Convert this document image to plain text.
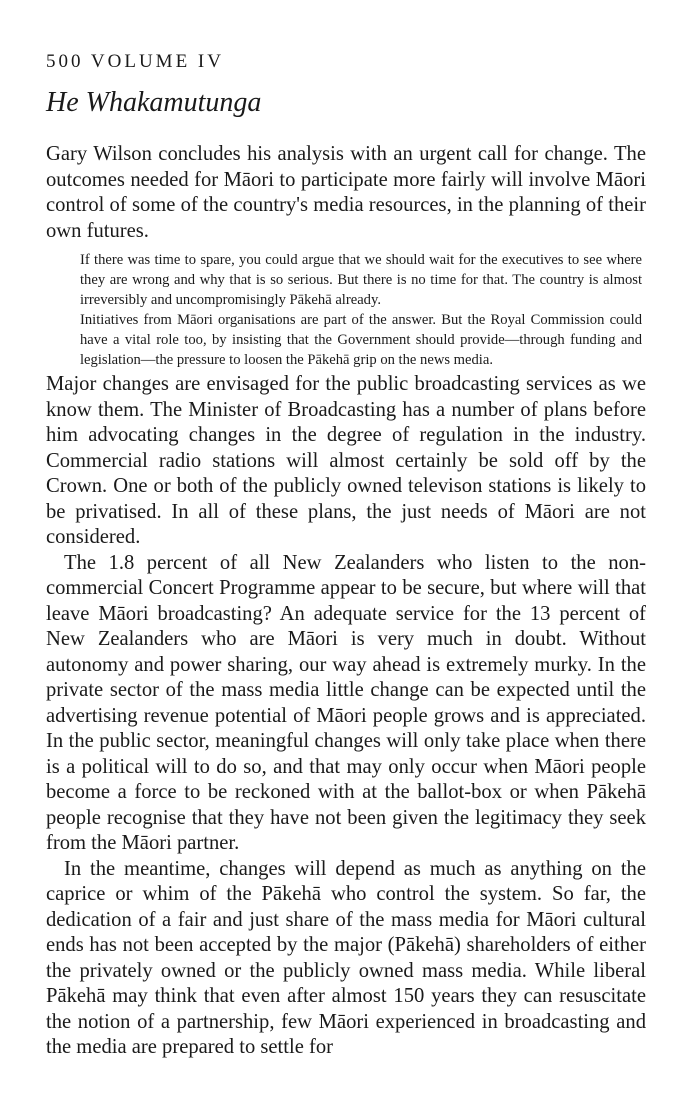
500 VOLUME IV
He Whakamutunga

Gary Wilson concludes his analysis with an urgent call for change. The outcomes needed for Māori to participate more fairly will involve Māori control of some of the country's media resources, in the planning of their own futures.

If there was time to spare, you could argue that we should wait for the executives to see where they are wrong and why that is so serious. But there is no time for that. The country is almost irreversibly and uncompromisingly Pākehā already.

Initiatives from Māori organisations are part of the answer. But the Royal Commission could have a vital role too, by insisting that the Government should provide—through funding and legislation—the pressure to loosen the Pākehā grip on the news media.

Major changes are envisaged for the public broadcasting services as we know them. The Minister of Broadcasting has a number of plans before him advocating changes in the degree of regulation in the industry. Commercial radio stations will almost certainly be sold off by the Crown. One or both of the publicly owned televison stations is likely to be privatised. In all of these plans, the just needs of Māori are not considered.

The 1.8 percent of all New Zealanders who listen to the non-commercial Concert Programme appear to be secure, but where will that leave Māori broadcasting? An adequate service for the 13 percent of New Zealanders who are Māori is very much in doubt. Without autonomy and power sharing, our way ahead is extremely murky. In the private sector of the mass media little change can be expected until the advertising revenue potential of Māori people grows and is appreciated. In the public sector, meaningful changes will only take place when there is a political will to do so, and that may only occur when Māori people become a force to be reckoned with at the ballot-box or when Pākehā people recognise that they have not been given the legitimacy they seek from the Māori partner.

In the meantime, changes will depend as much as anything on the caprice or whim of the Pākehā who control the system. So far, the dedication of a fair and just share of the mass media for Māori cultural ends has not been accepted by the major (Pākehā) shareholders of either the privately owned or the publicly owned mass media. While liberal Pākehā may think that even after almost 150 years they can resuscitate the notion of a partnership, few Māori experienced in broadcasting and the media are prepared to settle for
